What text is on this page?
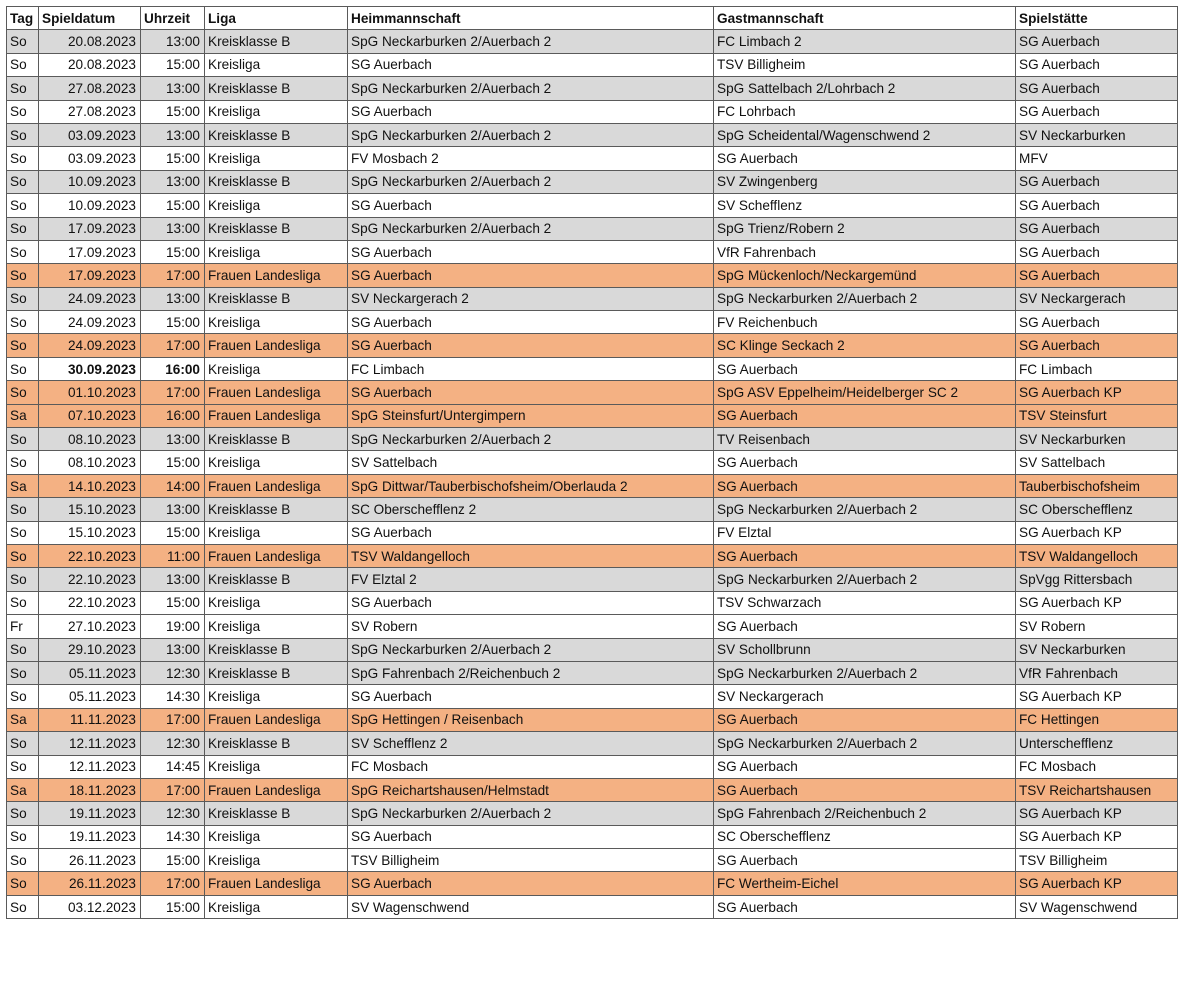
Tag	Spieldatum	Uhrzeit	Liga	Heimmannschaft	Gastmannschaft	Spielstätte
So	20.08.2023	13:00	Kreisklasse B	SpG Neckarburken 2/Auerbach 2	FC Limbach 2	SG Auerbach
So	20.08.2023	15:00	Kreisliga	SG Auerbach	TSV Billigheim	SG Auerbach
So	27.08.2023	13:00	Kreisklasse B	SpG Neckarburken 2/Auerbach 2	SpG Sattelbach 2/Lohrbach 2	SG Auerbach
So	27.08.2023	15:00	Kreisliga	SG Auerbach	FC Lohrbach	SG Auerbach
So	03.09.2023	13:00	Kreisklasse B	SpG Neckarburken 2/Auerbach 2	SpG Scheidental/Wagenschwend 2	SV Neckarburken
So	03.09.2023	15:00	Kreisliga	FV Mosbach 2	SG Auerbach	MFV
So	10.09.2023	13:00	Kreisklasse B	SpG Neckarburken 2/Auerbach 2	SV Zwingenberg	SG Auerbach
So	10.09.2023	15:00	Kreisliga	SG Auerbach	SV Schefflenz	SG Auerbach
So	17.09.2023	13:00	Kreisklasse B	SpG Neckarburken 2/Auerbach 2	SpG Trienz/Robern 2	SG Auerbach
So	17.09.2023	15:00	Kreisliga	SG Auerbach	VfR Fahrenbach	SG Auerbach
So	17.09.2023	17:00	Frauen Landesliga	SG Auerbach	SpG Mückenloch/Neckargemünd	SG Auerbach
So	24.09.2023	13:00	Kreisklasse B	SV Neckargerach 2	SpG Neckarburken 2/Auerbach 2	SV Neckargerach
So	24.09.2023	15:00	Kreisliga	SG Auerbach	FV Reichenbuch	SG Auerbach
So	24.09.2023	17:00	Frauen Landesliga	SG Auerbach	SC Klinge Seckach 2	SG Auerbach
So	30.09.2023	16:00	Kreisliga	FC Limbach	SG Auerbach	FC Limbach
So	01.10.2023	17:00	Frauen Landesliga	SG Auerbach	SpG ASV Eppelheim/Heidelberger SC 2	SG Auerbach KP
Sa	07.10.2023	16:00	Frauen Landesliga	SpG Steinsfurt/Untergimpern	SG Auerbach	TSV Steinsfurt
So	08.10.2023	13:00	Kreisklasse B	SpG Neckarburken 2/Auerbach 2	TV Reisenbach	SV Neckarburken
So	08.10.2023	15:00	Kreisliga	SV Sattelbach	SG Auerbach	SV Sattelbach
Sa	14.10.2023	14:00	Frauen Landesliga	SpG Dittwar/Tauberbischofsheim/Oberlauda 2	SG Auerbach	Tauberbischofsheim
So	15.10.2023	13:00	Kreisklasse B	SC Oberschefflenz 2	SpG Neckarburken 2/Auerbach 2	SC Oberschefflenz
So	15.10.2023	15:00	Kreisliga	SG Auerbach	FV Elztal	SG Auerbach KP
So	22.10.2023	11:00	Frauen Landesliga	TSV Waldangelloch	SG Auerbach	TSV Waldangelloch
So	22.10.2023	13:00	Kreisklasse B	FV Elztal 2	SpG Neckarburken 2/Auerbach 2	SpVgg Rittersbach
So	22.10.2023	15:00	Kreisliga	SG Auerbach	TSV Schwarzach	SG Auerbach KP
Fr	27.10.2023	19:00	Kreisliga	SV Robern	SG Auerbach	SV Robern
So	29.10.2023	13:00	Kreisklasse B	SpG Neckarburken 2/Auerbach 2	SV Schollbrunn	SV Neckarburken
So	05.11.2023	12:30	Kreisklasse B	SpG Fahrenbach 2/Reichenbuch 2	SpG Neckarburken 2/Auerbach 2	VfR Fahrenbach
So	05.11.2023	14:30	Kreisliga	SG Auerbach	SV Neckargerach	SG Auerbach KP
Sa	11.11.2023	17:00	Frauen Landesliga	SpG Hettingen / Reisenbach	SG Auerbach	FC Hettingen
So	12.11.2023	12:30	Kreisklasse B	SV Schefflenz 2	SpG Neckarburken 2/Auerbach 2	Unterschefflenz
So	12.11.2023	14:45	Kreisliga	FC Mosbach	SG Auerbach	FC Mosbach
Sa	18.11.2023	17:00	Frauen Landesliga	SpG Reichartshausen/Helmstadt	SG Auerbach	TSV Reichartshausen
So	19.11.2023	12:30	Kreisklasse B	SpG Neckarburken 2/Auerbach 2	SpG Fahrenbach 2/Reichenbuch 2	SG Auerbach KP
So	19.11.2023	14:30	Kreisliga	SG Auerbach	SC Oberschefflenz	SG Auerbach KP
So	26.11.2023	15:00	Kreisliga	TSV Billigheim	SG Auerbach	TSV Billigheim
So	26.11.2023	17:00	Frauen Landesliga	SG Auerbach	FC Wertheim-Eichel	SG Auerbach KP
So	03.12.2023	15:00	Kreisliga	SV Wagenschwend	SG Auerbach	SV Wagenschwend
